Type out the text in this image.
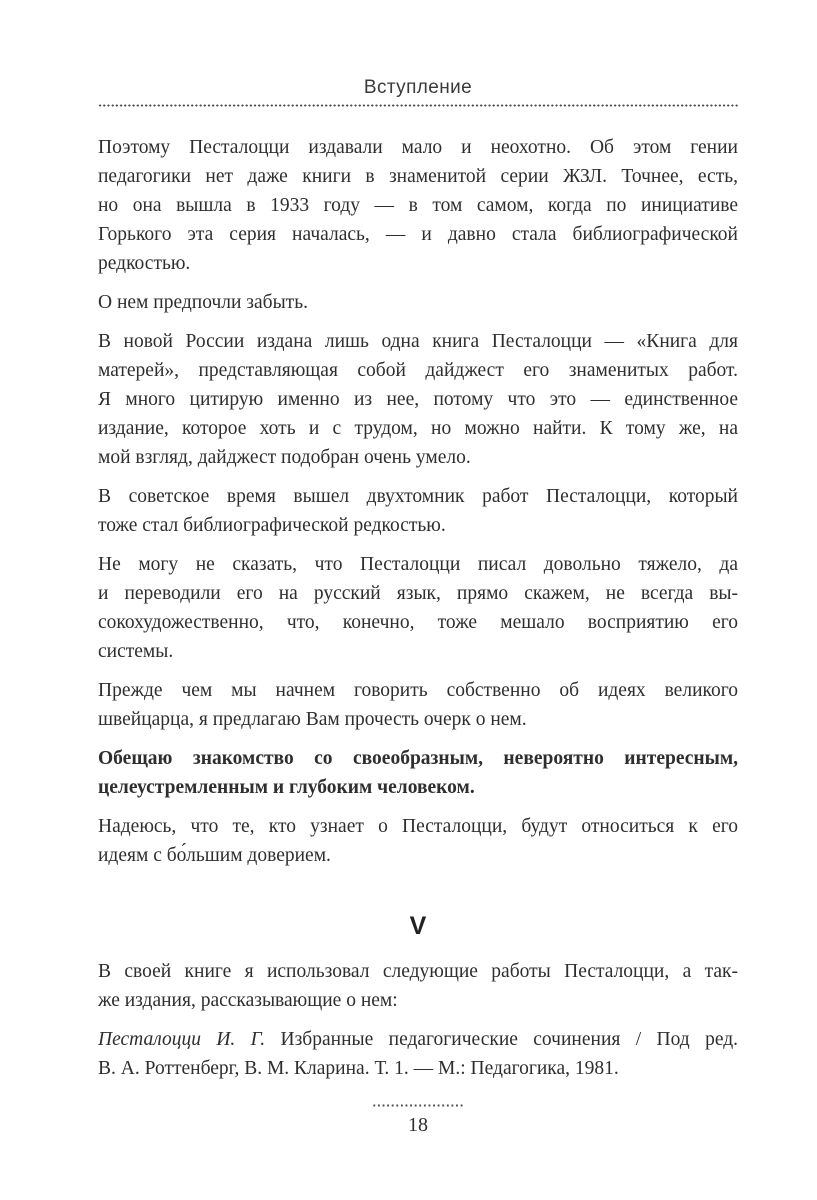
Вступление

Поэтому Песталоцци издавали мало и неохотно. Об этом гении
педагогики нет даже книги в знаменитой серии ЖЗЛ. Точнее, есть,
но она вышла в 1933 году — в том самом, когда по инициативе
Горького эта серия началась, — и давно стала библиографической
редкостью.

О нем предпочли забыть.

В новой России издана лишь одна книга Песталоцци — «Книга для
матерей», представляющая собой дайджест его знаменитых работ.
Я много цитирую именно из нее, потому что это — единственное
издание, которое хоть и с трудом, но можно найти. К тому же, на
мой взгляд, дайджест подобран очень умело.

В советское время вышел двухтомник работ Песталоцци, который
тоже стал библиографической редкостью.

Не могу не сказать, что Песталоцци писал довольно тяжело, да
и переводили его на русский язык, прямо скажем, не всегда вы-
сокохудожественно, что, конечно, тоже мешало восприятию его
системы.

Прежде чем мы начнем говорить собственно об идеях великого
швейцарца, я предлагаю Вам прочесть очерк о нем.

Обещаю знакомство со своеобразным, невероятно интересным,
целеустремленным и глубоким человеком.

Надеюсь, что те, кто узнает о Песталоцци, будут относиться к его
идеям с бо́льшим доверием.

V

В своей книге я использовал следующие работы Песталоцци, а так-
же издания, рассказывающие о нем:

Песталоцци И. Г. Избранные педагогические сочинения / Под ред.
В. А. Роттенберг, В. М. Кларина. Т. 1. — М.: Педагогика, 1981.

18
